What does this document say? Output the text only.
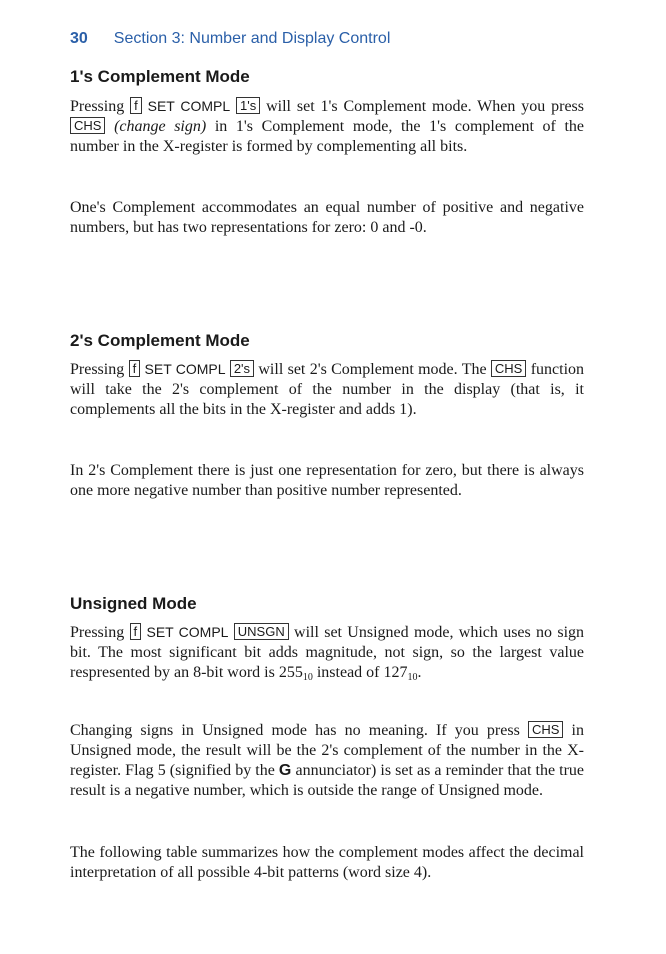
30 Section 3: Number and Display Control
1's Complement Mode

Pressing f SET COMPL 1's will set 1's Complement mode. When you press CHS (change sign) in 1's Complement mode, the 1's complement of the number in the X-register is formed by complementing all bits.

One's Complement accommodates an equal number of positive and negative numbers, but has two representations for zero: 0 and -0.

2's Complement Mode

Pressing f SET COMPL 2's will set 2's Complement mode. The CHS function will take the 2's complement of the number in the display (that is, it complements all the bits in the X-register and adds 1).

In 2's Complement there is just one representation for zero, but there is always one more negative number than positive number represented.

Unsigned Mode

Pressing f SET COMPL UNSGN will set Unsigned mode, which uses no sign bit. The most significant bit adds magnitude, not sign, so the largest value respresented by an 8-bit word is $255_{10}$ instead of $127_{10}$.

Changing signs in Unsigned mode has no meaning. If you press CHS in Unsigned mode, the result will be the 2's complement of the number in the X-register. Flag 5 (signified by the G annunciator) is set as a reminder that the true result is a negative number, which is outside the range of Unsigned mode.

The following table summarizes how the complement modes affect the decimal interpretation of all possible 4-bit patterns (word size 4).
